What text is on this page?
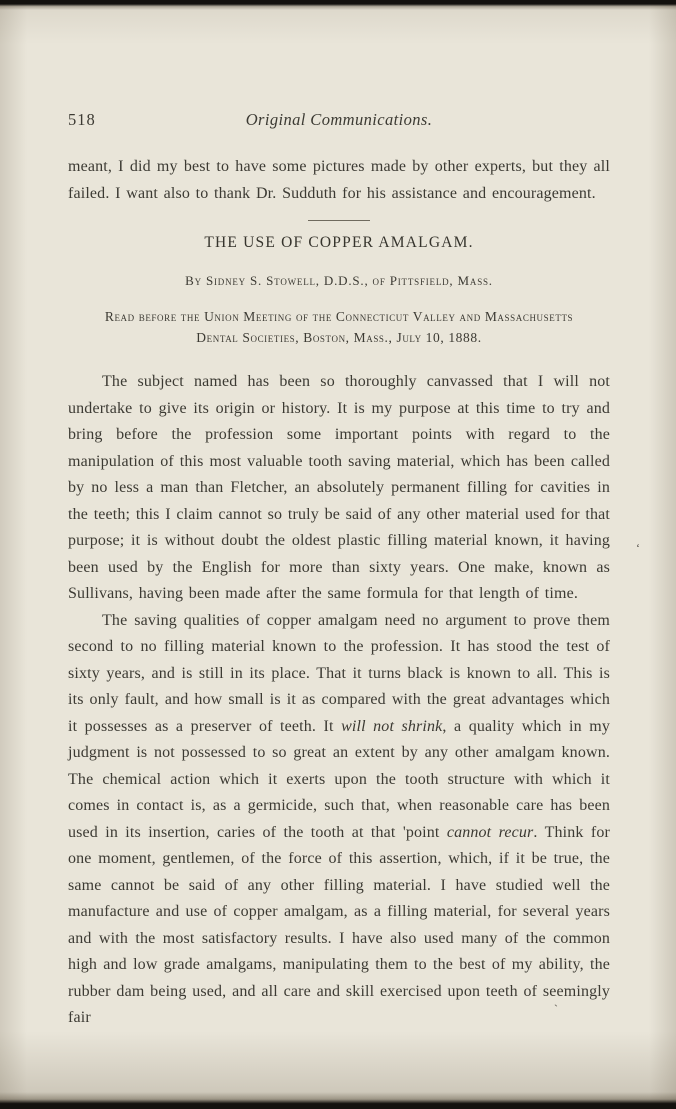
518	Original Communications.

meant, I did my best to have some pictures made by other experts, but they all failed. I want also to thank Dr. Sudduth for his assistance and encouragement.

THE USE OF COPPER AMALGAM.
By Sidney S. Stowell, D.D.S., of Pittsfield, Mass.
Read before the Union Meeting of the Connecticut Valley and Massachusetts Dental Societies, Boston, Mass., July 10, 1888.

The subject named has been so thoroughly canvassed that I will not undertake to give its origin or history. It is my purpose at this time to try and bring before the profession some important points with regard to the manipulation of this most valuable tooth saving material, which has been called by no less a man than Fletcher, an absolutely permanent filling for cavities in the teeth; this I claim cannot so truly be said of any other material used for that purpose; it is without doubt the oldest plastic filling material known, it having been used by the English for more than sixty years. One make, known as Sullivans, having been made after the same formula for that length of time.

The saving qualities of copper amalgam need no argument to prove them second to no filling material known to the profession. It has stood the test of sixty years, and is still in its place. That it turns black is known to all. This is its only fault, and how small is it as compared with the great advantages which it possesses as a preserver of teeth. It will not shrink, a quality which in my judgment is not possessed to so great an extent by any other amalgam known. The chemical action which it exerts upon the tooth structure with which it comes in contact is, as a germicide, such that, when reasonable care has been used in its insertion, caries of the tooth at that 'point cannot recur. Think for one moment, gentlemen, of the force of this assertion, which, if it be true, the same cannot be said of any other filling material. I have studied well the manufacture and use of copper amalgam, as a filling material, for several years and with the most satisfactory results. I have also used many of the common high and low grade amalgams, manipulating them to the best of my ability, the rubber dam being used, and all care and skill exercised upon teeth of seemingly fair

‘
`
